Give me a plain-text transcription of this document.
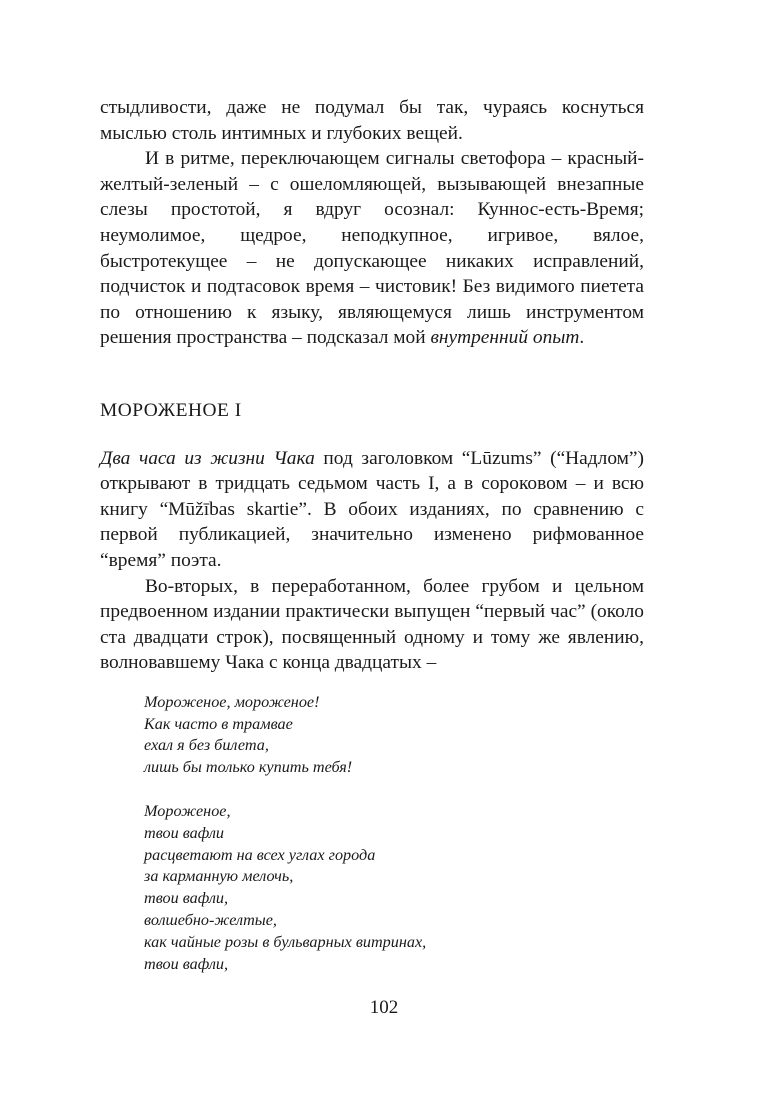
стыдливости, даже не подумал бы так, чураясь коснуться мыслью столь интимных и глубоких вещей.

И в ритме, переключающем сигналы светофора – красный-желтый-зеленый – с ошеломляющей, вызывающей внезапные слезы простотой, я вдруг осознал: Куннос-есть-Время; неумолимое, щедрое, неподкупное, игривое, вялое, быстротекущее – не допускающее никаких исправлений, подчисток и подтасовок время – чистовик! Без видимого пиетета по отношению к языку, являющемуся лишь инструментом решения пространства – подсказал мой внутренний опыт.

МОРОЖЕНОЕ I

Два часа из жизни Чака под заголовком “Lūzums” (“Надлом”) открывают в тридцать седьмом часть I, а в сороковом – и всю книгу “Mūžības skartie”. В обоих изданиях, по сравнению с первой публикацией, значительно изменено рифмованное “время” поэта.

Во-вторых, в переработанном, более грубом и цельном предвоенном издании практически выпущен “первый час” (около ста двадцати строк), посвященный одному и тому же явлению, волновавшему Чака с конца двадцатых –

Мороженое, мороженое!
Как часто в трамвае
ехал я без билета,
лишь бы только купить тебя!
Мороженое,
твои вафли
расцветают на всех углах города
за карманную мелочь,
твои вафли,
волшебно-желтые,
как чайные розы в бульварных витринах,
твои вафли,
102
